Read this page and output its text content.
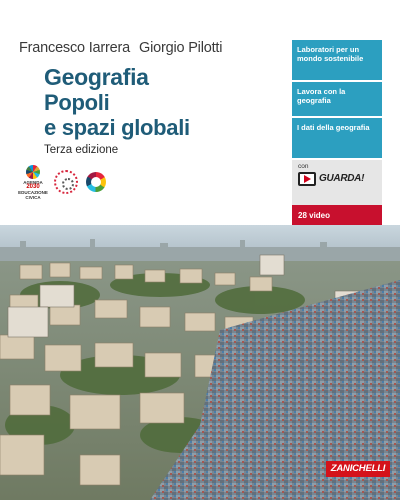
Francesco Iarrera Giorgio Pilotti
Geografia
Popoli
e spazi globali
Terza edizione
AGENDA
2030
EDUCAZIONE
CIVICA
Laboratori per un mondo sostenibile
Lavora con la geografia
I dati della geografia
con
GUARDA!
28 video
ZANICHELLI
